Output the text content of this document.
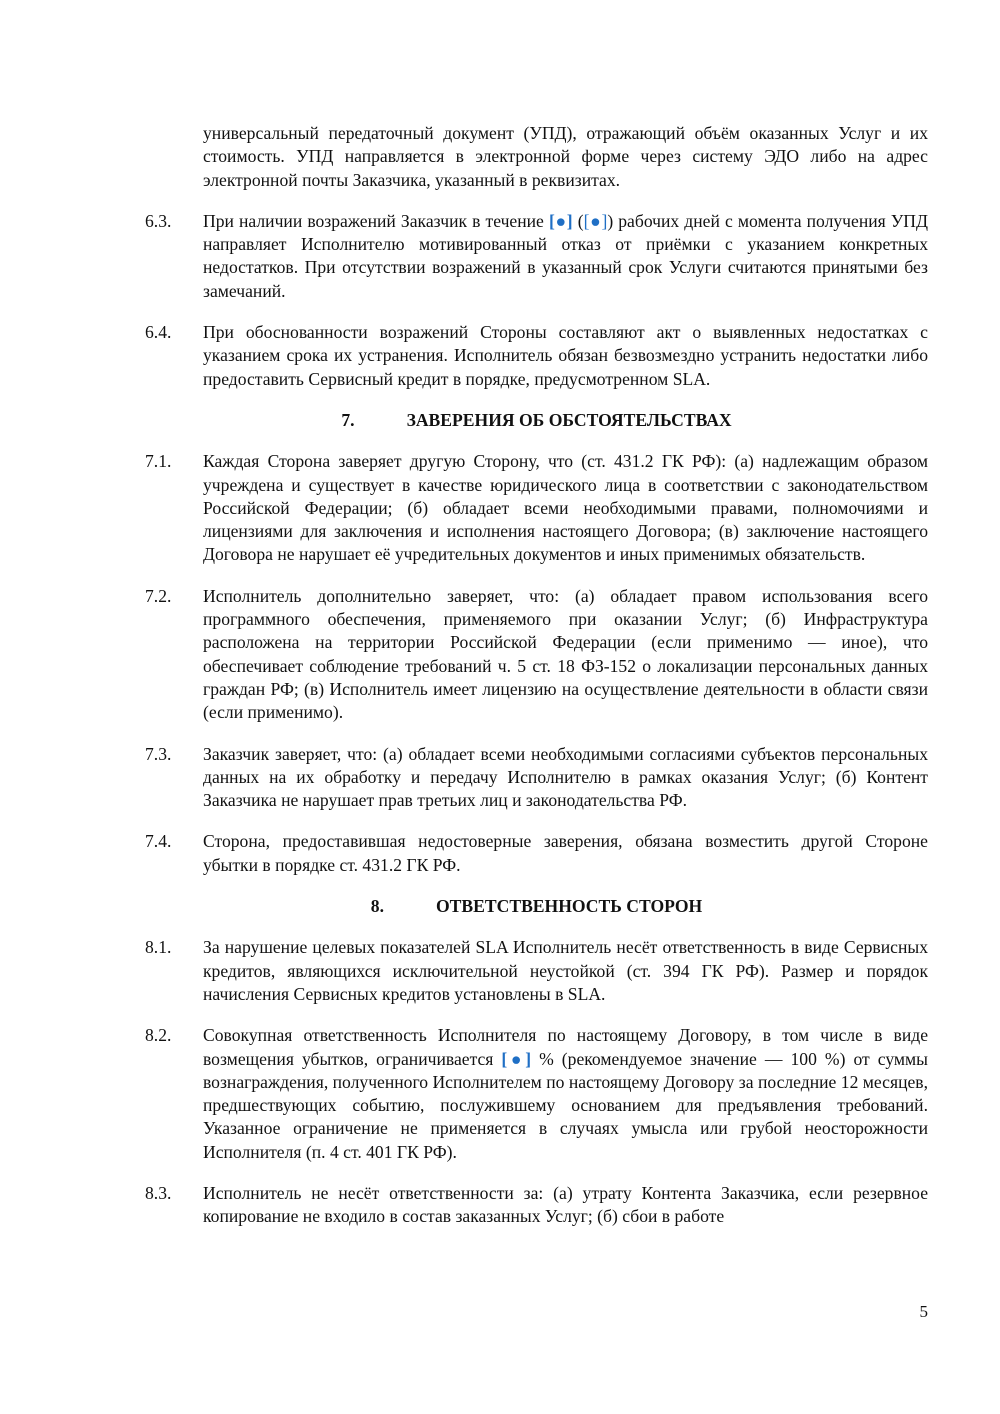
универсальный передаточный документ (УПД), отражающий объём оказанных Услуг и их стоимость. УПД направляется в электронной форме через систему ЭДО либо на адрес электронной почты Заказчика, указанный в реквизитах.

6.3. При наличии возражений Заказчик в течение [●] ([●]) рабочих дней с момента получения УПД направляет Исполнителю мотивированный отказ от приёмки с указанием конкретных недостатков. При отсутствии возражений в указанный срок Услуги считаются принятыми без замечаний.
6.4. При обоснованности возражений Стороны составляют акт о выявленных недостатках с указанием срока их устранения. Исполнитель обязан безвозмездно устранить недостатки либо предоставить Сервисный кредит в порядке, предусмотренном SLA.
7.	ЗАВЕРЕНИЯ ОБ ОБСТОЯТЕЛЬСТВАХ
7.1. Каждая Сторона заверяет другую Сторону, что (ст. 431.2 ГК РФ): (а) надлежащим образом учреждена и существует в качестве юридического лица в соответствии с законодательством Российской Федерации; (б) обладает всеми необходимыми правами, полномочиями и лицензиями для заключения и исполнения настоящего Договора; (в) заключение настоящего Договора не нарушает её учредительных документов и иных применимых обязательств.
7.2. Исполнитель дополнительно заверяет, что: (а) обладает правом использования всего программного обеспечения, применяемого при оказании Услуг; (б) Инфраструктура расположена на территории Российской Федерации (если применимо — иное), что обеспечивает соблюдение требований ч. 5 ст. 18 ФЗ-152 о локализации персональных данных граждан РФ; (в) Исполнитель имеет лицензию на осуществление деятельности в области связи (если применимо).
7.3. Заказчик заверяет, что: (а) обладает всеми необходимыми согласиями субъектов персональных данных на их обработку и передачу Исполнителю в рамках оказания Услуг; (б) Контент Заказчика не нарушает прав третьих лиц и законодательства РФ.
7.4. Сторона, предоставившая недостоверные заверения, обязана возместить другой Стороне убытки в порядке ст. 431.2 ГК РФ.
8.	ОТВЕТСТВЕННОСТЬ СТОРОН
8.1. За нарушение целевых показателей SLA Исполнитель несёт ответственность в виде Сервисных кредитов, являющихся исключительной неустойкой (ст. 394 ГК РФ). Размер и порядок начисления Сервисных кредитов установлены в SLA.
8.2. Совокупная ответственность Исполнителя по настоящему Договору, в том числе в виде возмещения убытков, ограничивается [●] % (рекомендуемое значение — 100 %) от суммы вознаграждения, полученного Исполнителем по настоящему Договору за последние 12 месяцев, предшествующих событию, послужившему основанием для предъявления требований. Указанное ограничение не применяется в случаях умысла или грубой неосторожности Исполнителя (п. 4 ст. 401 ГК РФ).
8.3. Исполнитель не несёт ответственности за: (а) утрату Контента Заказчика, если резервное копирование не входило в состав заказанных Услуг; (б) сбои в работе
5
